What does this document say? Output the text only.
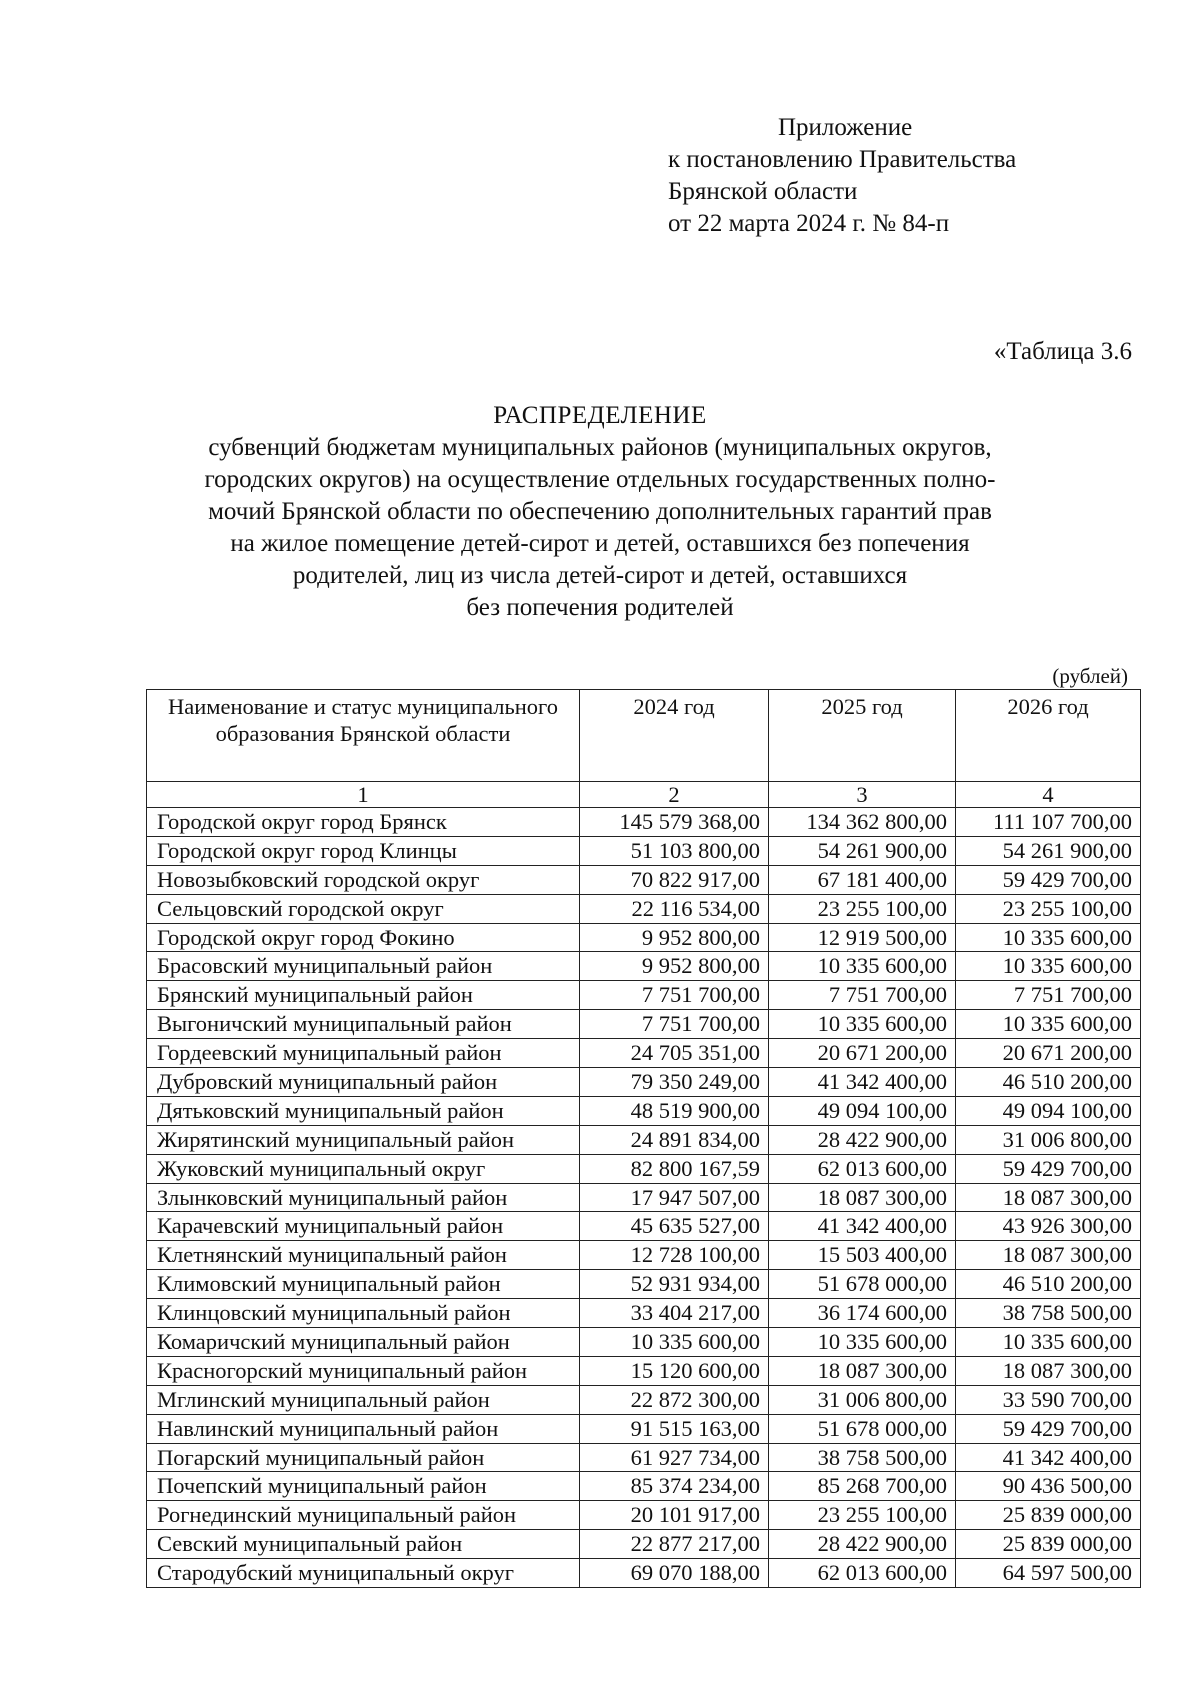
Приложение
к постановлению Правительства
Брянской области
от 22 марта 2024 г. № 84-п
«Таблица 3.6
РАСПРЕДЕЛЕНИЕ
субвенций бюджетам муниципальных районов (муниципальных округов,
городских округов) на осуществление отдельных государственных полно-
мочий Брянской области по обеспечению дополнительных гарантий прав
на жилое помещение детей-сирот и детей, оставшихся без попечения
родителей, лиц из числа детей-сирот и детей, оставшихся
без попечения родителей
(рублей)
Наименование и статус муниципального образования Брянской области	2024 год	2025 год	2026 год
1	2	3	4
Городской округ город Брянск	145 579 368,00	134 362 800,00	111 107 700,00
Городской округ город Клинцы	51 103 800,00	54 261 900,00	54 261 900,00
Новозыбковский городской округ	70 822 917,00	67 181 400,00	59 429 700,00
Сельцовский городской округ	22 116 534,00	23 255 100,00	23 255 100,00
Городской округ город Фокино	9 952 800,00	12 919 500,00	10 335 600,00
Брасовский муниципальный район	9 952 800,00	10 335 600,00	10 335 600,00
Брянский муниципальный район	7 751 700,00	7 751 700,00	7 751 700,00
Выгоничский муниципальный район	7 751 700,00	10 335 600,00	10 335 600,00
Гордеевский муниципальный район	24 705 351,00	20 671 200,00	20 671 200,00
Дубровский муниципальный район	79 350 249,00	41 342 400,00	46 510 200,00
Дятьковский муниципальный район	48 519 900,00	49 094 100,00	49 094 100,00
Жирятинский муниципальный район	24 891 834,00	28 422 900,00	31 006 800,00
Жуковский муниципальный округ	82 800 167,59	62 013 600,00	59 429 700,00
Злынковский муниципальный район	17 947 507,00	18 087 300,00	18 087 300,00
Карачевский муниципальный район	45 635 527,00	41 342 400,00	43 926 300,00
Клетнянский муниципальный район	12 728 100,00	15 503 400,00	18 087 300,00
Климовский муниципальный район	52 931 934,00	51 678 000,00	46 510 200,00
Клинцовский муниципальный район	33 404 217,00	36 174 600,00	38 758 500,00
Комаричский муниципальный район	10 335 600,00	10 335 600,00	10 335 600,00
Красногорский муниципальный район	15 120 600,00	18 087 300,00	18 087 300,00
Мглинский муниципальный район	22 872 300,00	31 006 800,00	33 590 700,00
Навлинский муниципальный район	91 515 163,00	51 678 000,00	59 429 700,00
Погарский муниципальный район	61 927 734,00	38 758 500,00	41 342 400,00
Почепский муниципальный район	85 374 234,00	85 268 700,00	90 436 500,00
Рогнединский муниципальный район	20 101 917,00	23 255 100,00	25 839 000,00
Севский муниципальный район	22 877 217,00	28 422 900,00	25 839 000,00
Стародубский муниципальный округ	69 070 188,00	62 013 600,00	64 597 500,00
